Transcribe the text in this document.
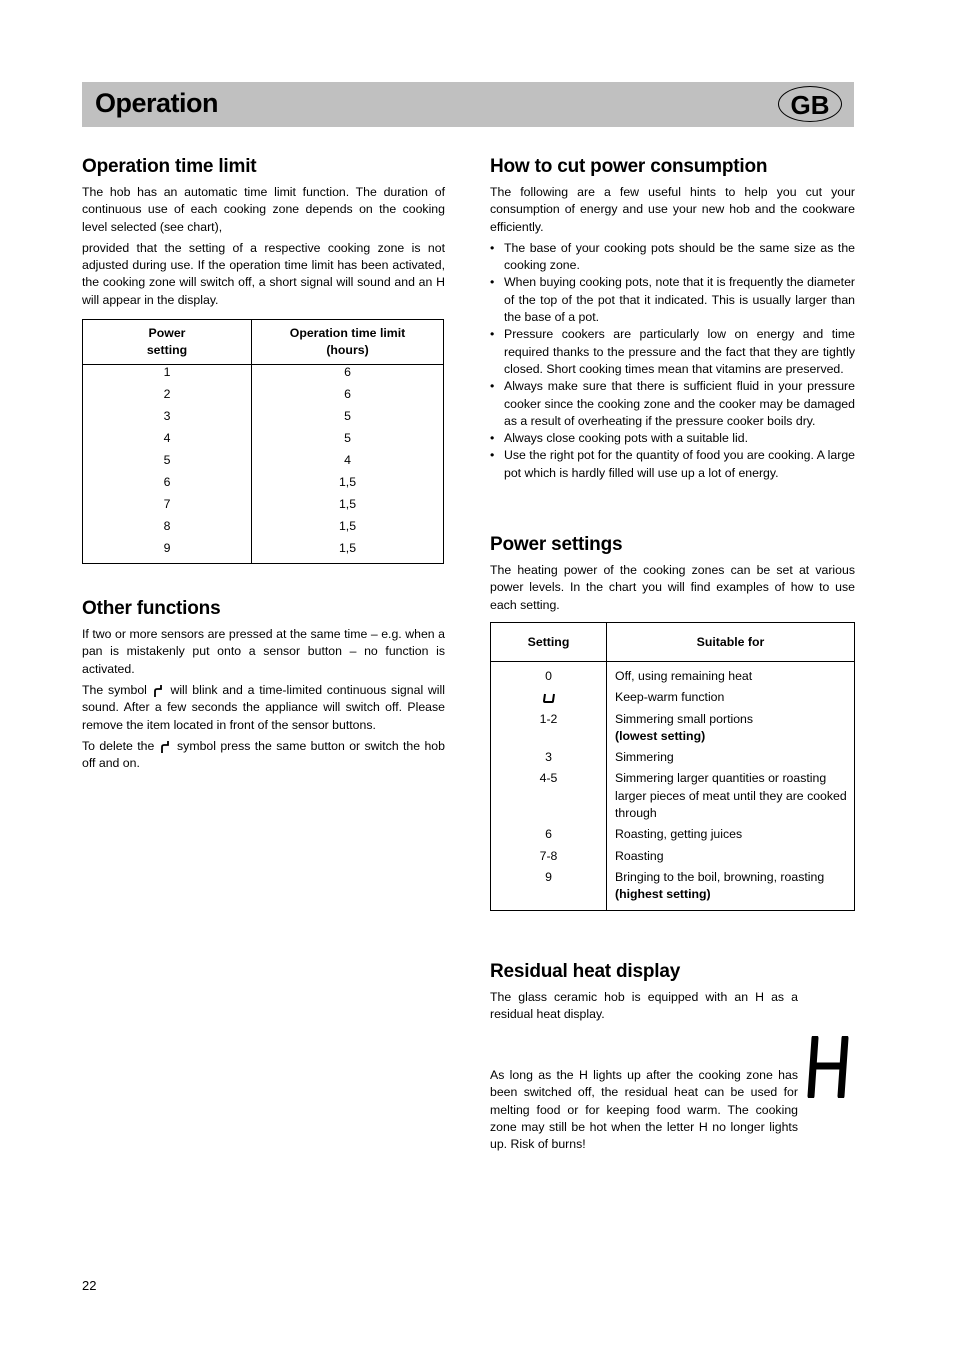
Operation	GB
Operation time limit

The hob has an automatic time limit function. The duration of continuous use of each cooking zone depends on the cooking level selected (see chart),

provided that the setting of a respective cooking zone is not adjusted during use. If the operation time limit has been activated, the cooking zone will switch off, a short signal will sound and an H will appear in the display.

Power
setting	Operation time limit
(hours)
1	6
2	6
3	5
4	5
5	4
6	1,5
7	1,5
8	1,5
9	1,5
Other functions

If two or more sensors are pressed at the same time – e.g. when a pan is mistakenly put onto a sensor button – no function is activated.

The symbol will blink and a time-limited continuous signal will sound. After a few seconds the appliance will switch off. Please remove the item located in front of the sensor buttons.

To delete the symbol press the same button or switch the hob off and on.

How to cut power consumption

The following are a few useful hints to help you cut your consumption of energy and use your new hob and the cookware efficiently.

• The base of your cooking pots should be the same size as the cooking zone.
• When buying cooking pots, note that it is frequently the diameter of the top of the pot that it indicated. This is usually larger than the base of a pot.
• Pressure cookers are particularly low on energy and time required thanks to the pressure and the fact that they are tightly closed. Short cooking times mean that vitamins are preserved.
• Always make sure that there is sufficient fluid in your pressure cooker since the cooking zone and the cooker may be damaged as a result of overheating if the pressure cooker boils dry.
• Always close cooking pots with a suitable lid.
• Use the right pot for the quantity of food you are cooking. A large pot which is hardly filled will use up a lot of energy.
Power settings

The heating power of the cooking zones can be set at various power levels. In the chart you will find examples of how to use each setting.

Setting	Suitable for
0	Off, using remaining heat
	Keep-warm function
1-2	Simmering small portions
(lowest setting)
3	Simmering
4-5	Simmering larger quantities or roasting larger pieces of meat until they are cooked through
6	Roasting, getting juices
7-8	Roasting
9	Bringing to the boil, browning, roasting
(highest setting)
Residual heat display

The glass ceramic hob is equipped with an H as a residual heat display.

As long as the H lights up after the cooking zone has been switched off, the residual heat can be used for melting food or for keeping food warm. The cooking zone may still be hot when the letter H no longer lights up. Risk of burns!

22
